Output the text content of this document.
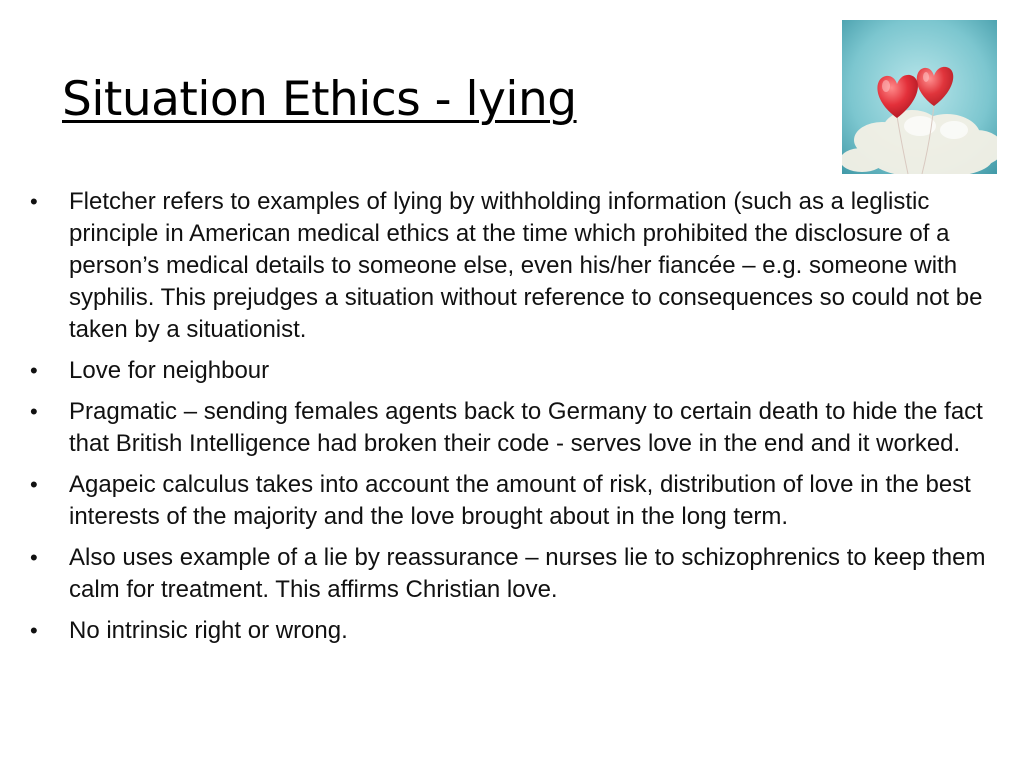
Situation Ethics - lying
• Fletcher refers to examples of lying by withholding information (such as a leglistic principle in American medical ethics at the time which prohibited the disclosure of a person’s medical details to someone else, even his/her fiancée – e.g. someone with syphilis. This prejudges a situation without reference to consequences so could not be taken by a situationist.
• Love for neighbour
• Pragmatic – sending females agents back to Germany to certain death to hide the fact that British Intelligence had broken their code - serves love in the end and it worked.
• Agapeic calculus takes into account the amount of risk, distribution of love in the best interests of the majority and the love brought about in the long term.
• Also uses example of a lie by reassurance – nurses lie to schizophrenics to keep them calm for treatment. This affirms Christian love.
• No intrinsic right or wrong.
